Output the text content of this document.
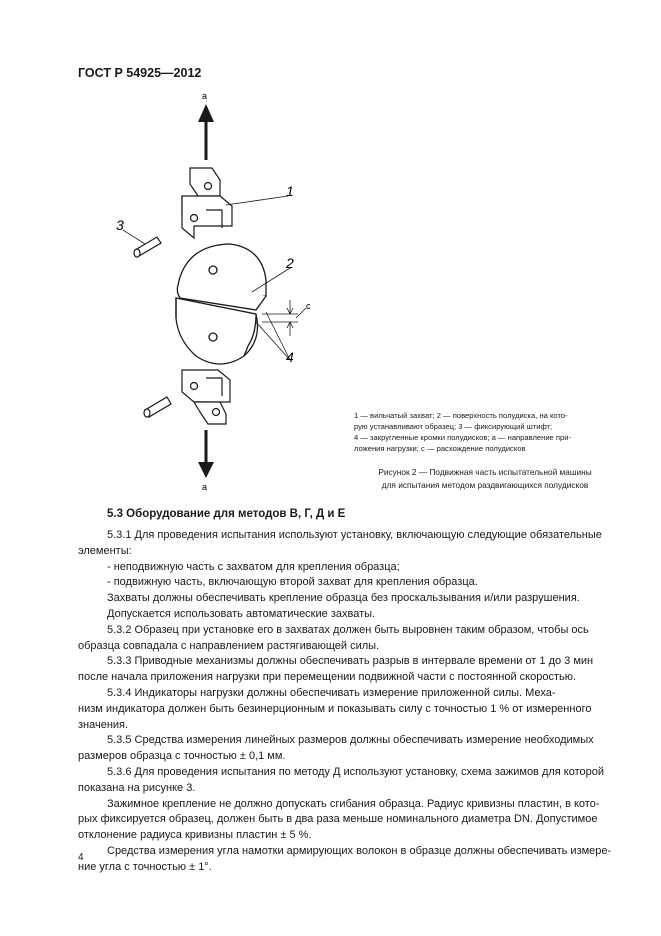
ГОСТ Р 54925—2012
а
а
1
2
3
4
c
1 — вильчатый захват; 2 — поверхность полудиска, на кото-
рую устанавливают образец; 3 — фиксирующий штифт;
4 — закругленные кромки полудисков; а — направление при-
ложения нагрузки; с — расхождение полудисков
Рисунок 2 — Подвижная часть испытательной машины
для испытания методом раздвигающихся полудисков
5.3 Оборудование для методов В, Г, Д и Е
5.3.1 Для проведения испытания используют установку, включающую следующие обязательные
элементы:
- неподвижную часть с захватом для крепления образца;
- подвижную часть, включающую второй захват для крепления образца.
Захваты должны обеспечивать крепление образца без проскальзывания и/или разрушения.
Допускается использовать автоматические захваты.
5.3.2 Образец при установке его в захватах должен быть выровнен таким образом, чтобы ось
образца совпадала с направлением растягивающей силы.
5.3.3 Приводные механизмы должны обеспечивать разрыв в интервале времени от 1 до 3 мин
после начала приложения нагрузки при перемещении подвижной части с постоянной скоростью.
5.3.4 Индикаторы нагрузки должны обеспечивать измерение приложенной силы. Меха-
низм индикатора должен быть безинерционным и показывать силу с точностью 1 % от измеренного
значения.
5.3.5 Средства измерения линейных размеров должны обеспечивать измерение необходимых
размеров образца с точностью ± 0,1 мм.
5.3.6 Для проведения испытания по методу Д используют установку, схема зажимов для которой
показана на рисунке 3.
Зажимное крепление не должно допускать сгибания образца. Радиус кривизны пластин, в кото-
рых фиксируется образец, должен быть в два раза меньше номинального диаметра DN. Допустимое
отклонение радиуса кривизны пластин ± 5 %.
Средства измерения угла намотки армирующих волокон в образце должны обеспечивать измере-
ние угла с точностью ± 1°.
4
